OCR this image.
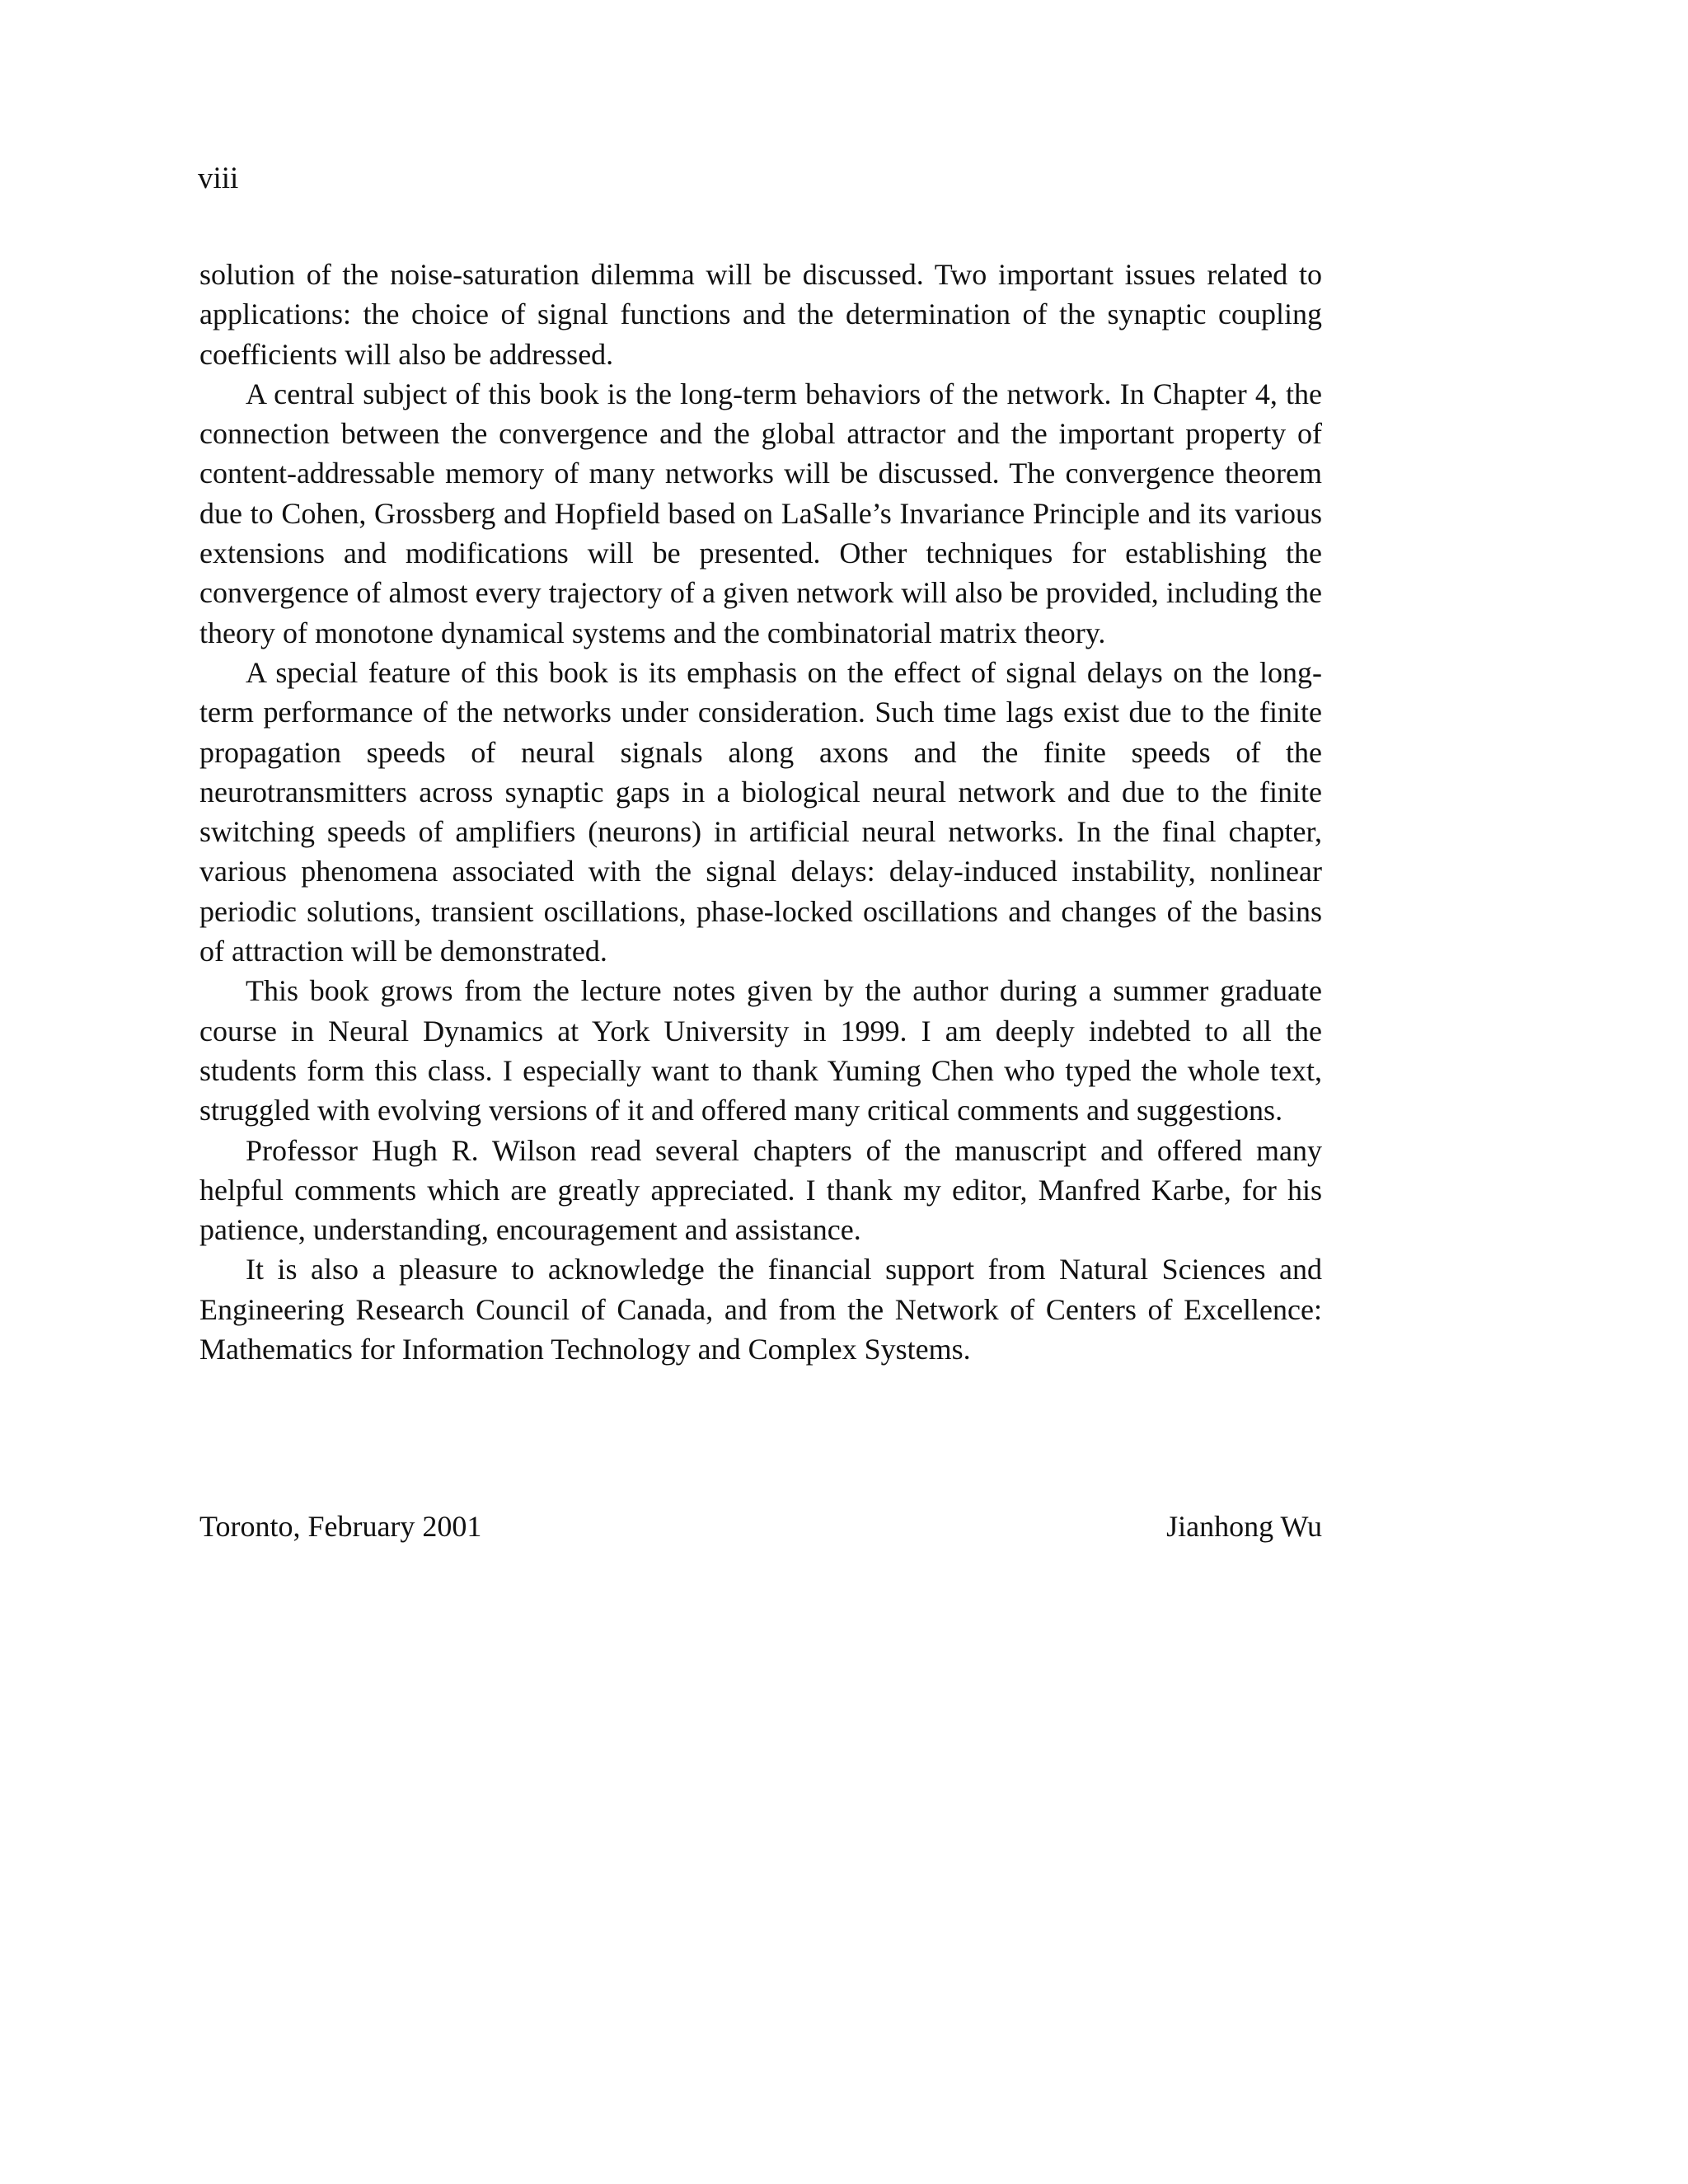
viii

solution of the noise-saturation dilemma will be discussed. Two important issues related to applications: the choice of signal functions and the determination of the synaptic coupling coefficients will also be addressed.

A central subject of this book is the long-term behaviors of the network. In Chapter 4, the connection between the convergence and the global attractor and the important property of content-addressable memory of many networks will be discussed. The convergence theorem due to Cohen, Grossberg and Hopfield based on LaSalle’s Invariance Principle and its various extensions and modifications will be presented. Other techniques for establishing the convergence of almost every trajectory of a given network will also be provided, including the theory of monotone dynamical systems and the combinatorial matrix theory.

A special feature of this book is its emphasis on the effect of signal delays on the long-term performance of the networks under consideration. Such time lags exist due to the finite propagation speeds of neural signals along axons and the finite speeds of the neurotransmitters across synaptic gaps in a biological neural network and due to the finite switching speeds of amplifiers (neurons) in artificial neural networks. In the final chapter, various phenomena associated with the signal delays: delay-induced instability, nonlinear periodic solutions, transient oscillations, phase-locked oscillations and changes of the basins of attraction will be demonstrated.

This book grows from the lecture notes given by the author during a summer graduate course in Neural Dynamics at York University in 1999. I am deeply indebted to all the students form this class. I especially want to thank Yuming Chen who typed the whole text, struggled with evolving versions of it and offered many critical comments and suggestions.

Professor Hugh R. Wilson read several chapters of the manuscript and offered many helpful comments which are greatly appreciated. I thank my editor, Manfred Karbe, for his patience, understanding, encouragement and assistance.

It is also a pleasure to acknowledge the financial support from Natural Sciences and Engineering Research Council of Canada, and from the Network of Centers of Excellence: Mathematics for Information Technology and Complex Systems.

Toronto, February 2001	Jianhong Wu
